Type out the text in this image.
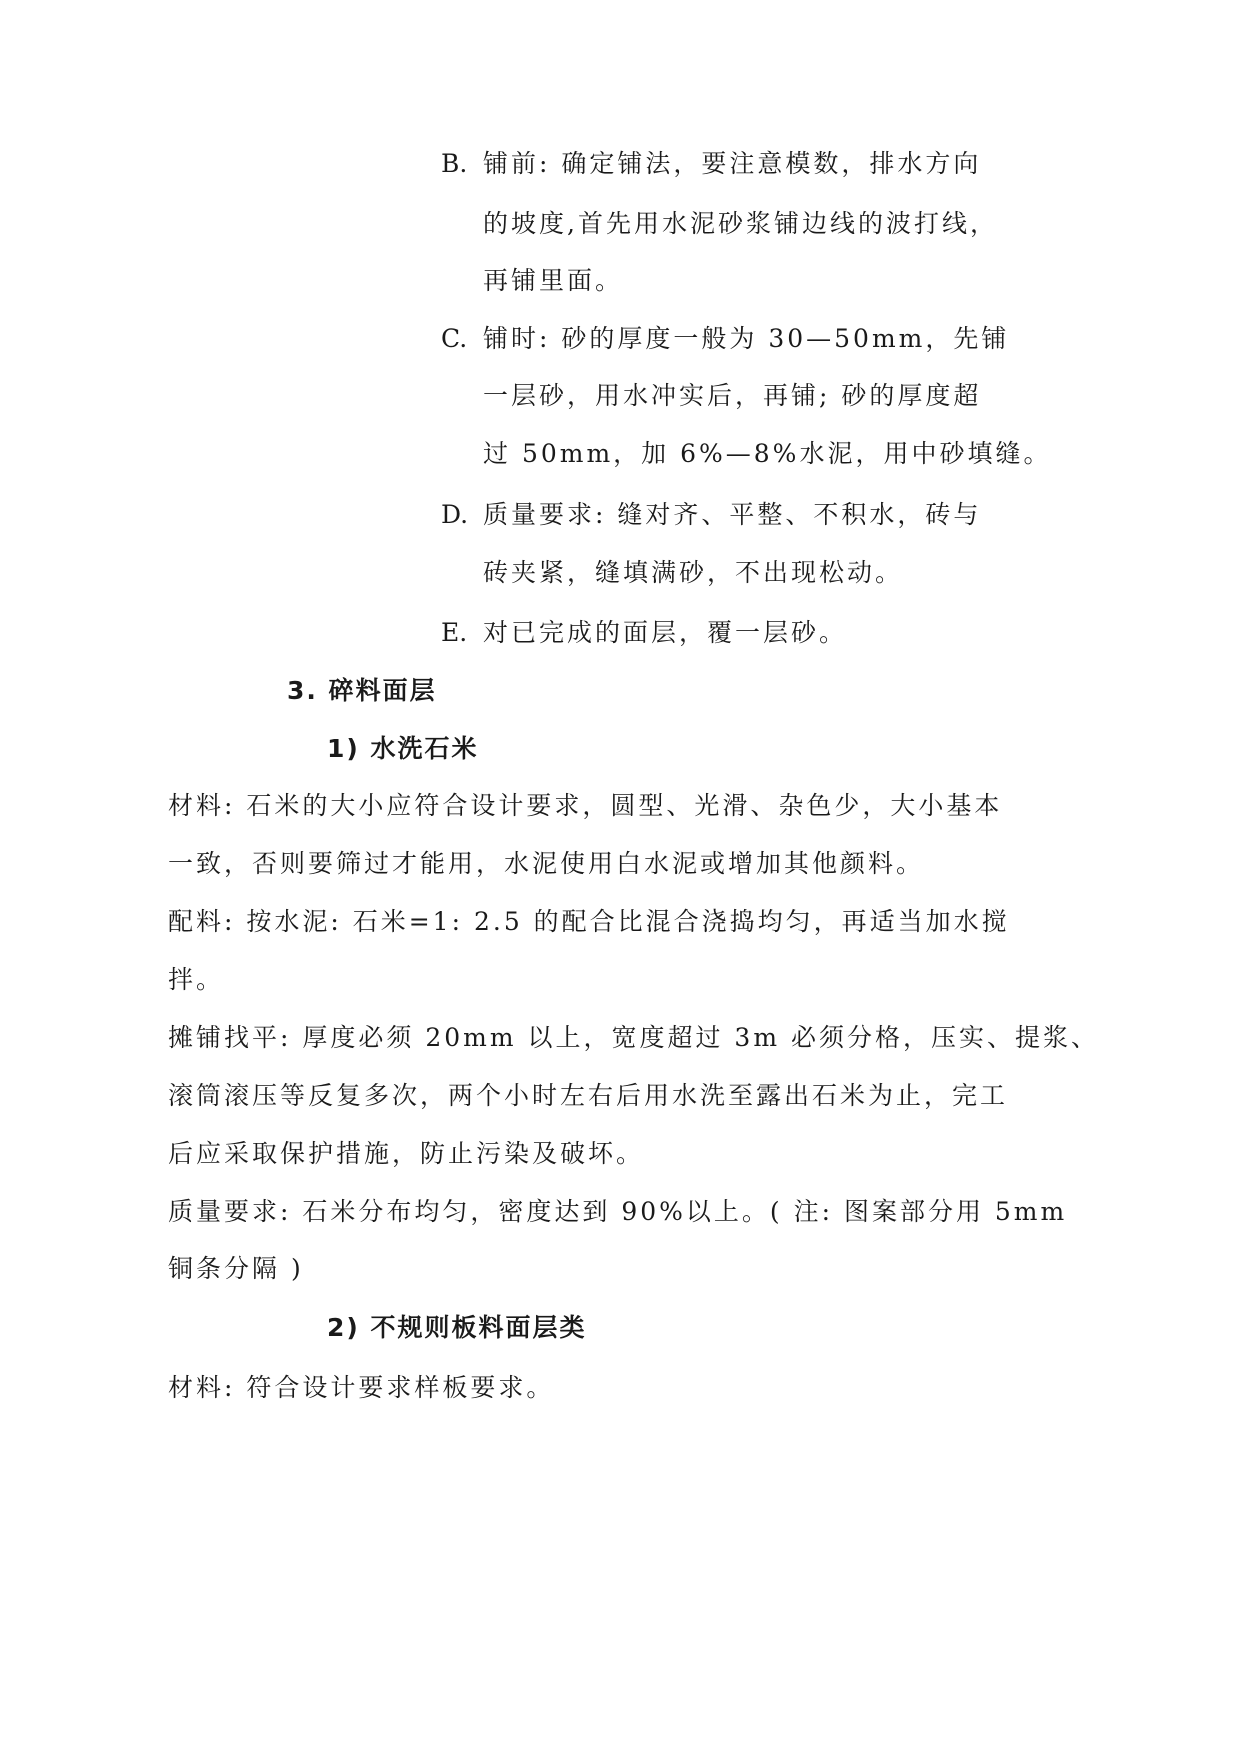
B. 铺前: 确定铺法，要注意模数，排水方向
的坡度,首先用水泥砂浆铺边线的波打线，
再铺里面。
C. 铺时: 砂的厚度一般为 30—50mm，先铺
一层砂，用水冲实后，再铺; 砂的厚度超
过 50mm，加 6%—8%水泥，用中砂填缝。
D. 质量要求: 缝对齐、平整、不积水，砖与
砖夹紧，缝填满砂，不出现松动。
E. 对已完成的面层，覆一层砂。
3. 碎料面层
1) 水洗石米
材料: 石米的大小应符合设计要求，圆型、光滑、杂色少，大小基本
一致，否则要筛过才能用，水泥使用白水泥或增加其他颜料。
配料: 按水泥: 石米=1: 2.5 的配合比混合浇捣均匀，再适当加水搅
拌。
摊铺找平: 厚度必须 20mm 以上，宽度超过 3m 必须分格，压实、提浆、
滚筒滚压等反复多次，两个小时左右后用水洗至露出石米为止，完工
后应采取保护措施，防止污染及破坏。
质量要求: 石米分布均匀，密度达到 90%以上。( 注: 图案部分用 5mm
铜条分隔 )
2) 不规则板料面层类
材料: 符合设计要求样板要求。
